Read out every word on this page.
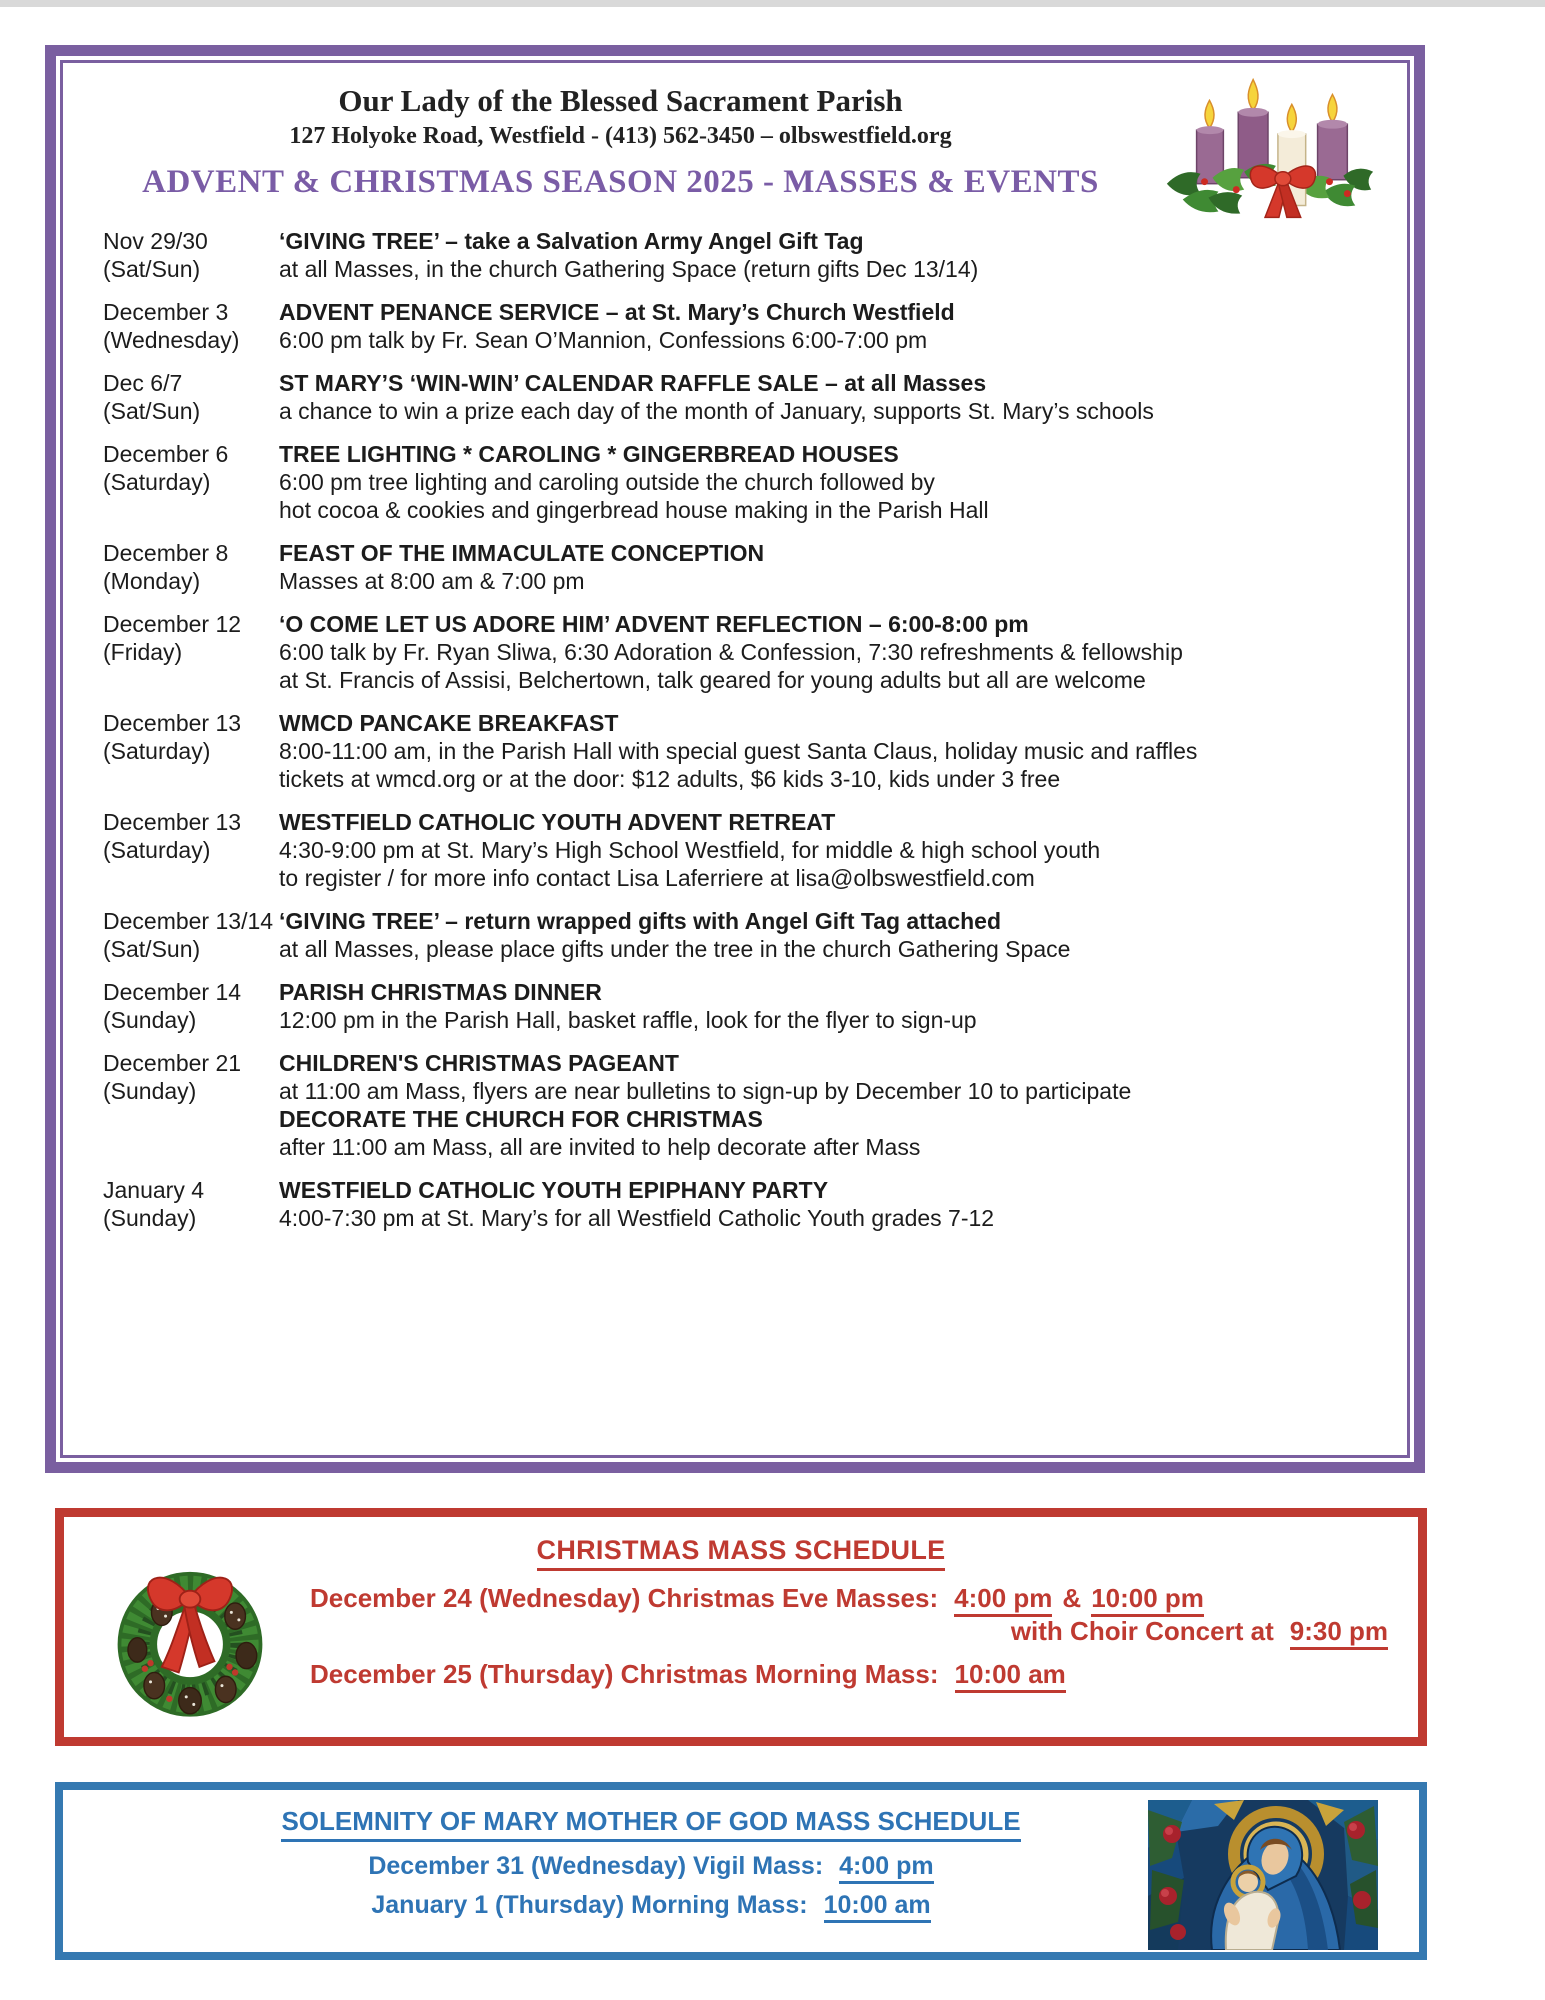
Our Lady of the Blessed Sacrament Parish
127 Holyoke Road, Westfield - (413) 562-3450 – olbswestfield.org
ADVENT & CHRISTMAS SEASON 2025 - MASSES & EVENTS
Nov 29/30
(Sat/Sun)
‘GIVING TREE’ – take a Salvation Army Angel Gift Tag
at all Masses, in the church Gathering Space (return gifts Dec 13/14)
December 3
(Wednesday)
ADVENT PENANCE SERVICE – at St. Mary’s Church Westfield
6:00 pm talk by Fr. Sean O’Mannion, Confessions 6:00-7:00 pm
Dec 6/7
(Sat/Sun)
ST MARY’S ‘WIN-WIN’ CALENDAR RAFFLE SALE – at all Masses
a chance to win a prize each day of the month of January, supports St. Mary’s schools
December 6
(Saturday)
TREE LIGHTING * CAROLING * GINGERBREAD HOUSES
6:00 pm tree lighting and caroling outside the church followed by
hot cocoa & cookies and gingerbread house making in the Parish Hall
December 8
(Monday)
FEAST OF THE IMMACULATE CONCEPTION
Masses at 8:00 am & 7:00 pm
December 12
(Friday)
‘O COME LET US ADORE HIM’ ADVENT REFLECTION – 6:00-8:00 pm
6:00 talk by Fr. Ryan Sliwa, 6:30 Adoration & Confession, 7:30 refreshments & fellowship
at St. Francis of Assisi, Belchertown, talk geared for young adults but all are welcome
December 13
(Saturday)
WMCD PANCAKE BREAKFAST
8:00-11:00 am, in the Parish Hall with special guest Santa Claus, holiday music and raffles
tickets at wmcd.org or at the door: $12 adults, $6 kids 3-10, kids under 3 free
December 13
(Saturday)
WESTFIELD CATHOLIC YOUTH ADVENT RETREAT
4:30-9:00 pm at St. Mary’s High School Westfield, for middle & high school youth
to register / for more info contact Lisa Laferriere at lisa@olbswestfield.com
December 13/14
(Sat/Sun)
‘GIVING TREE’ – return wrapped gifts with Angel Gift Tag attached
at all Masses, please place gifts under the tree in the church Gathering Space
December 14
(Sunday)
PARISH CHRISTMAS DINNER
12:00 pm in the Parish Hall, basket raffle, look for the flyer to sign-up
December 21
(Sunday)
CHILDREN'S CHRISTMAS PAGEANT
at 11:00 am Mass, flyers are near bulletins to sign-up by December 10 to participate
DECORATE THE CHURCH FOR CHRISTMAS
after 11:00 am Mass, all are invited to help decorate after Mass
January 4
(Sunday)
WESTFIELD CATHOLIC YOUTH EPIPHANY PARTY
4:00-7:30 pm at St. Mary’s for all Westfield Catholic Youth grades 7-12
CHRISTMAS MASS SCHEDULE
December 24 (Wednesday) Christmas Eve Masses: 4:00 pm & 10:00 pm
with Choir Concert at 9:30 pm
December 25 (Thursday) Christmas Morning Mass: 10:00 am
SOLEMNITY OF MARY MOTHER OF GOD MASS SCHEDULE
December 31 (Wednesday) Vigil Mass: 4:00 pm
January 1 (Thursday) Morning Mass: 10:00 am
